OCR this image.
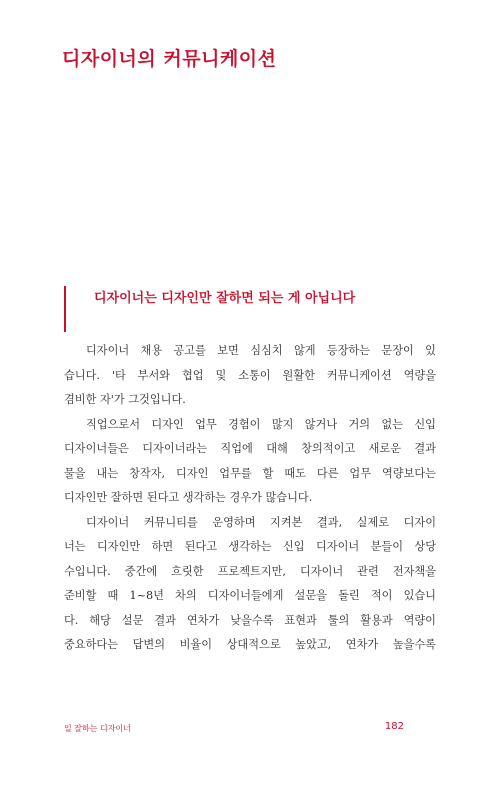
디자이너의 커뮤니케이션
디자이너는 디자인만 잘하면 되는 게 아닙니다
디자이너 채용 공고를 보면 심심치 않게 등장하는 문장이 있
습니다. '타 부서와 협업 및 소통이 원활한 커뮤니케이션 역량을
겸비한 자'가 그것입니다.
직업으로서 디자인 업무 경험이 많지 않거나 거의 없는 신입
디자이너들은 디자이너라는 직업에 대해 창의적이고 새로운 결과
물을 내는 창작자, 디자인 업무를 할 때도 다른 업무 역량보다는
디자인만 잘하면 된다고 생각하는 경우가 많습니다.
디자이너 커뮤니티를 운영하며 지켜본 결과, 실제로 디자이
너는 디자인만 하면 된다고 생각하는 신입 디자이너 분들이 상당
수입니다. 중간에 흐릿한 프로젝트지만, 디자이너 관련 전자책을
준비할 때 1~8년 차의 디자이너들에게 설문을 돌린 적이 있습니
다. 해당 설문 결과 연차가 낮을수록 표현과 툴의 활용과 역량이
중요하다는 답변의 비율이 상대적으로 높았고, 연차가 높을수록
일 잘하는 디자이너	182
